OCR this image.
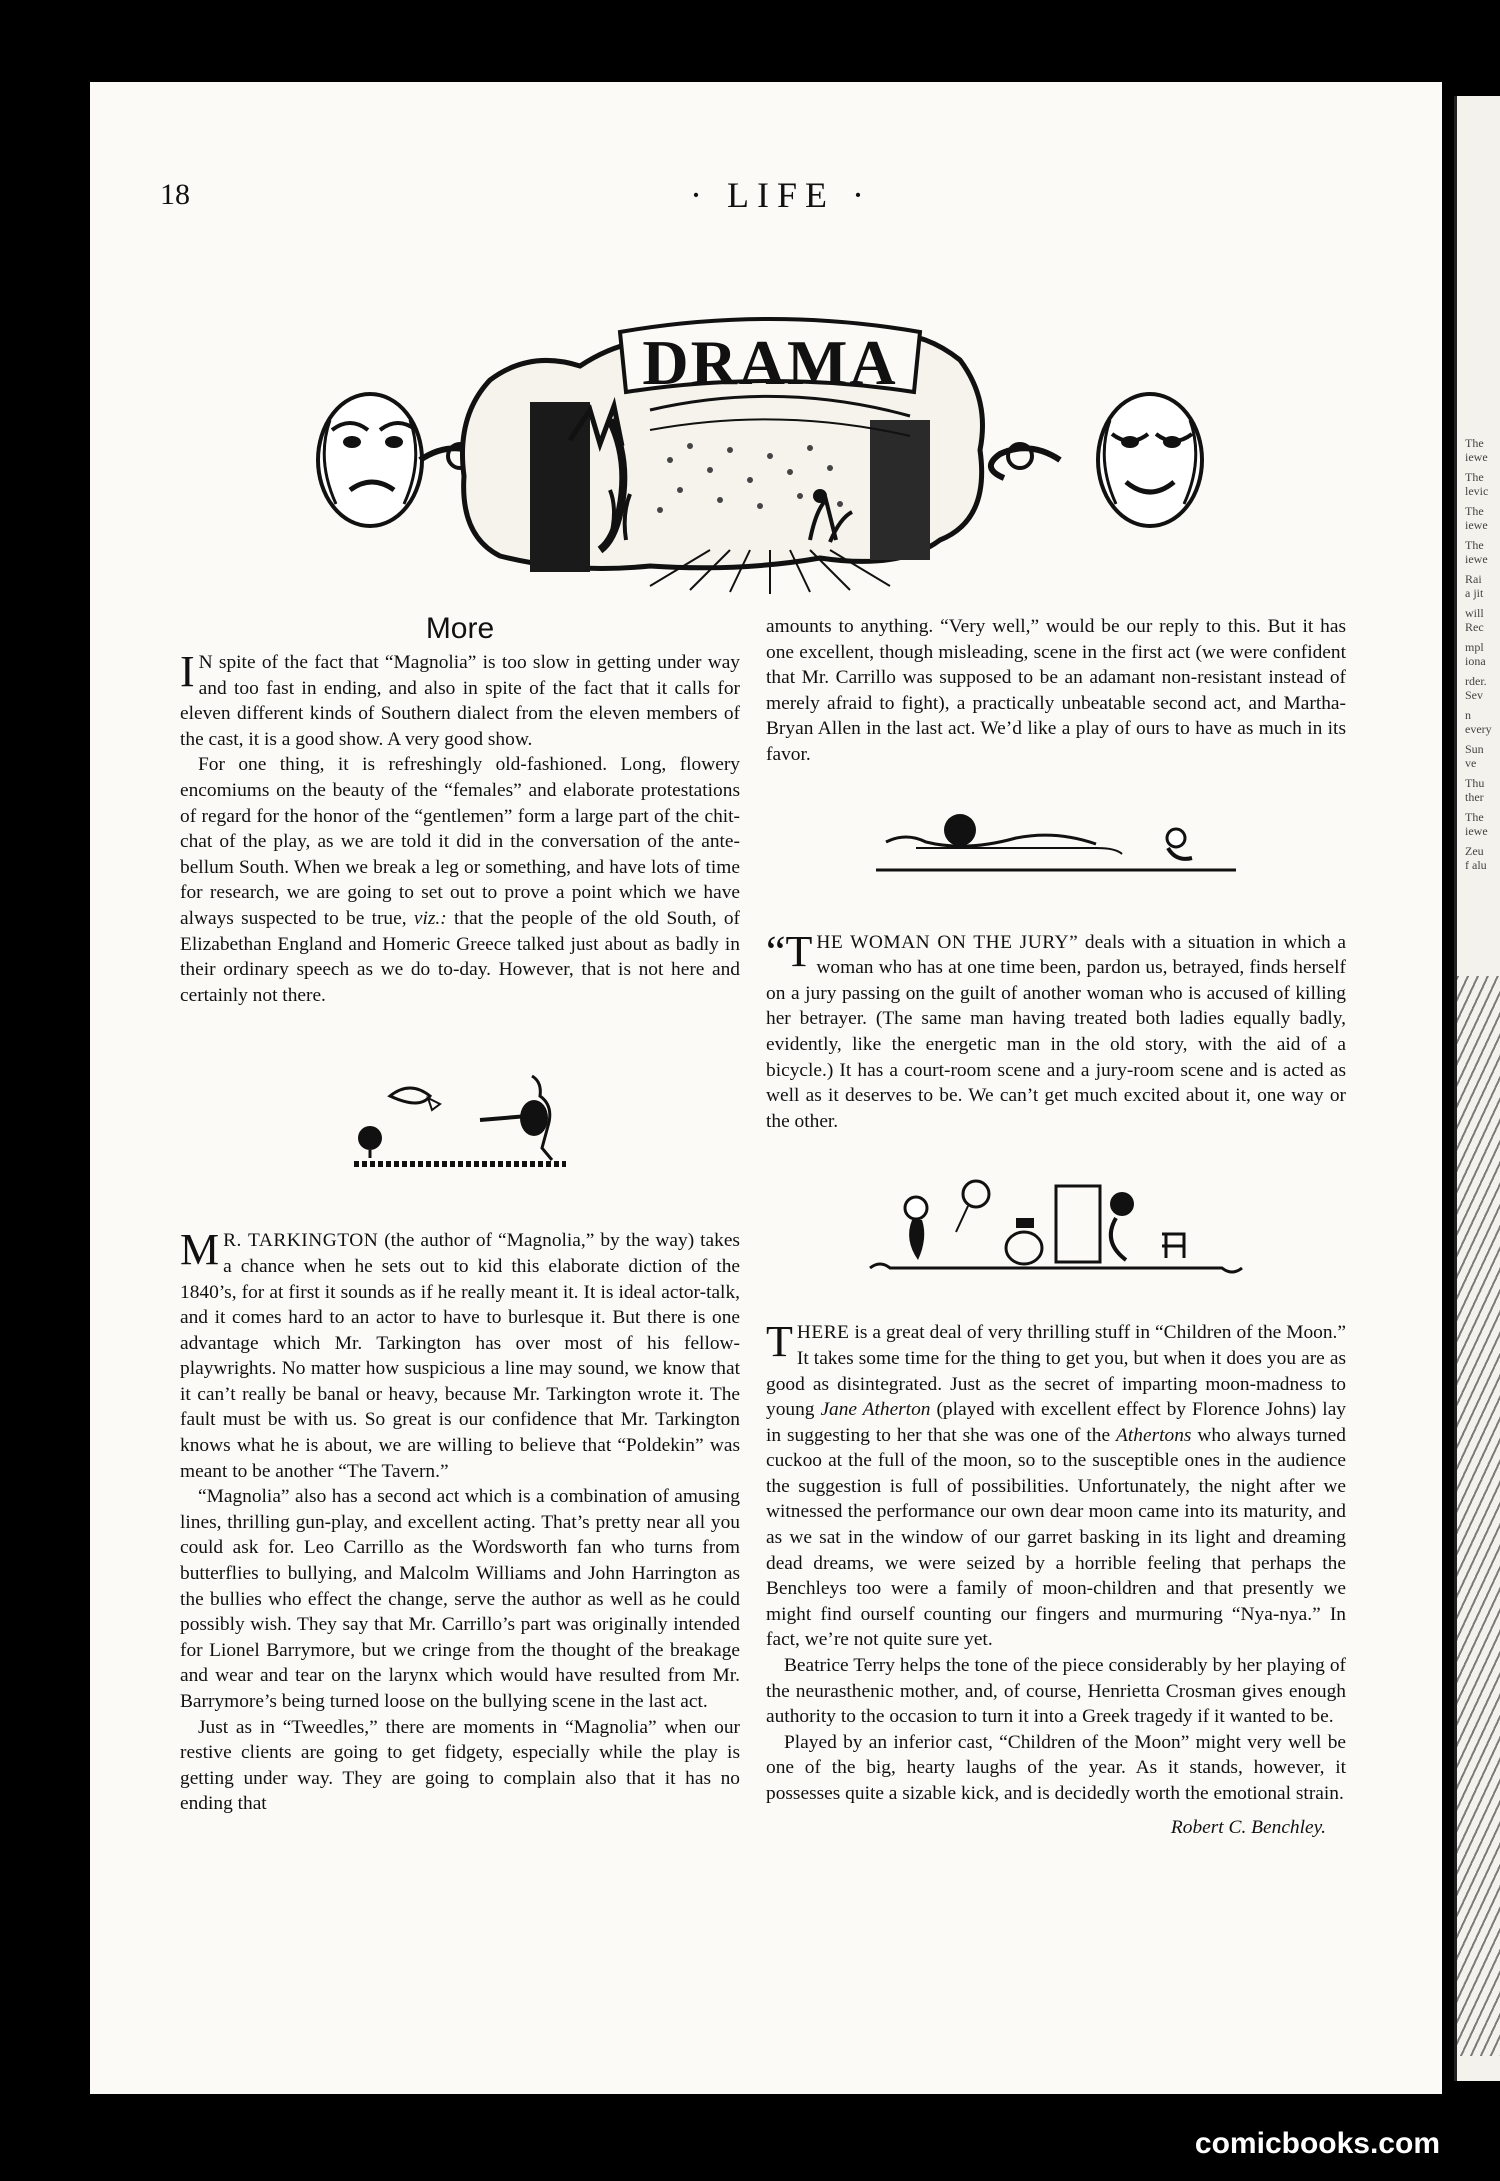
18	· LIFE ·
DRAMA
More

I N spite of the fact that “Magnolia” is too slow in getting under way and too fast in ending, and also in spite of the fact that it calls for eleven different kinds of Southern dialect from the eleven members of the cast, it is a good show. A very good show.

For one thing, it is refreshingly old-fashioned. Long, flowery encomiums on the beauty of the “females” and elaborate protestations of regard for the honor of the “gentlemen” form a large part of the chit-chat of the play, as we are told it did in the conversation of the ante-bellum South. When we break a leg or something, and have lots of time for research, we are going to set out to prove a point which we have always suspected to be true, viz.: that the people of the old South, of Elizabethan England and Homeric Greece talked just about as badly in their ordinary speech as we do to-day. However, that is not here and certainly not there.

M R. TARKINGTON (the author of “Magnolia,” by the way) takes a chance when he sets out to kid this elaborate diction of the 1840’s, for at first it sounds as if he really meant it. It is ideal actor-talk, and it comes hard to an actor to have to burlesque it. But there is one advantage which Mr. Tarkington has over most of his fellow-playwrights. No matter how suspicious a line may sound, we know that it can’t really be banal or heavy, because Mr. Tarkington wrote it. The fault must be with us. So great is our confidence that Mr. Tarkington knows what he is about, we are willing to believe that “Poldekin” was meant to be another “The Tavern.”

“Magnolia” also has a second act which is a combination of amusing lines, thrilling gun-play, and excellent acting. That’s pretty near all you could ask for. Leo Carrillo as the Wordsworth fan who turns from butterflies to bullying, and Malcolm Williams and John Harrington as the bullies who effect the change, serve the author as well as he could possibly wish. They say that Mr. Carrillo’s part was originally intended for Lionel Barrymore, but we cringe from the thought of the breakage and wear and tear on the larynx which would have resulted from Mr. Barrymore’s being turned loose on the bullying scene in the last act.

Just as in “Tweedles,” there are moments in “Magnolia” when our restive clients are going to get fidgety, especially while the play is getting under way. They are going to complain also that it has no ending that

amounts to anything. “Very well,” would be our reply to this. But it has one excellent, though misleading, scene in the first act (we were confident that Mr. Carrillo was supposed to be an adamant non-resistant instead of merely afraid to fight), a practically unbeatable second act, and Martha-Bryan Allen in the last act. We’d like a play of ours to have as much in its favor.

“THE WOMAN ON THE JURY” deals with a situation in which a woman who has at one time been, pardon us, betrayed, finds herself on a jury passing on the guilt of another woman who is accused of killing her betrayer. (The same man having treated both ladies equally badly, evidently, like the energetic man in the old story, with the aid of a bicycle.) It has a court-room scene and a jury-room scene and is acted as well as it deserves to be. We can’t get much excited about it, one way or the other.

THERE is a great deal of very thrilling stuff in “Children of the Moon.” It takes some time for the thing to get you, but when it does you are as good as disintegrated. Just as the secret of imparting moon-madness to young Jane Atherton (played with excellent effect by Florence Johns) lay in suggesting to her that she was one of the Athertons who always turned cuckoo at the full of the moon, so to the susceptible ones in the audience the suggestion is full of possibilities. Unfortunately, the night after we witnessed the performance our own dear moon came into its maturity, and as we sat in the window of our garret basking in its light and dreaming dead dreams, we were seized by a horrible feeling that perhaps the Benchleys too were a family of moon-children and that presently we might find ourself counting our fingers and murmuring “Nya-nya.” In fact, we’re not quite sure yet.

Beatrice Terry helps the tone of the piece considerably by her playing of the neurasthenic mother, and, of course, Henrietta Crosman gives enough authority to the occasion to turn it into a Greek tragedy if it wanted to be.

Played by an inferior cast, “Children of the Moon” might very well be one of the big, hearty laughs of the year. As it stands, however, it possesses quite a sizable kick, and is decidedly worth the emotional strain.

Robert C. Benchley.
The
iewe
The
levic
The
iewe
The
iewe
Rai
a jit
will
Rec
mpl
iona
rder.
Sev
n
every
Sun
ve
Thu
ther
The
iewe
Zeu
f alu
comicbooks.com
